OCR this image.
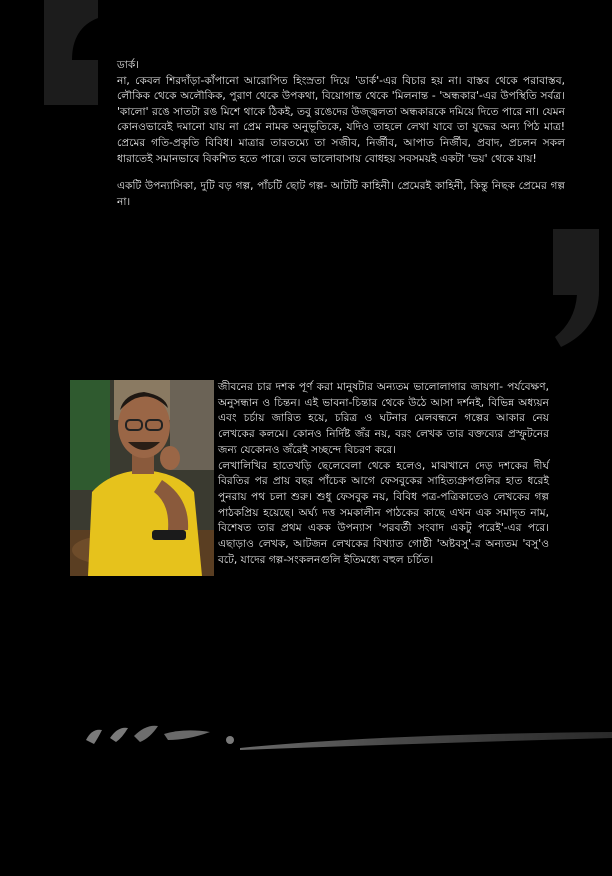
ডার্ক।

না, কেবল শিরদাঁড়া-কাঁপানো আরোপিত হিংস্রতা দিয়ে 'ডার্ক'-এর বিচার হয় না। বাস্তব থেকে পরাবাস্তব, লৌকিক থেকে অলৌকিক, পুরাণ থেকে উপকথা, বিয়োগান্ত থেকে 'মিলনান্ত - 'অন্ধকার'-এর উপস্থিতি সর্বত্র। 'কালো' রঙে সাতটা রঙ মিশে থাকে ঠিকই, তবু রঙেদের উজ্জ্বলতা অন্ধকারকে দমিয়ে দিতে পারে না। যেমন কোনওভাবেই দমানো যায় না প্রেম নামক অনুভূতিকে, যদিও তাহলে লেখা যাবে তা যুদ্ধের অন্য পিঠ মাত্র! প্রেমের গতি-প্রকৃতি বিবিধ। মাত্রার তারতম্যে তা সজীব, নির্জীব, আপাত নির্জীব, প্রবাদ, প্রচলন সকল ধারাতেই সমানভাবে বিকশিত হতে পারে। তবে ভালোবাসায় বোধহয় সবসময়ই একটা 'ভয়' থেকে যায়!

একটি উপন্যাসিকা, দুটি বড় গল্প, পাঁচটি ছোট গল্প- আটটি কাহিনী। প্রেমেরই কাহিনী, কিন্তু নিছক প্রেমের গল্প না।

জীবনের চার দশক পূর্ণ করা মানুষটার অন্যতম ভালোলাগার জায়গা- পর্যবেক্ষণ, অনুসন্ধান ও চিন্তন। এই ভাবনা-চিন্তার থেকে উঠে আসা দর্শনই, বিভিন্ন অধ্যয়ন এবং চর্চায় জারিত হয়ে, চরিত্র ও ঘটনার মেলবন্ধনে গল্পের আকার নেয় লেখকের কলমে। কোনও নির্দিষ্ট জঁর নয়, বরং লেখক তার বক্তব্যের প্রস্ফুটনের জন্য যেকোনও জঁরেই সচ্ছন্দে বিচরণ করে।

লেখালিখির হাতেখড়ি ছেলেবেলা থেকে হলেও, মাঝখানে দেড় দশকের দীর্ঘ বিরতির পর প্রায় বছর পাঁচেক আগে ফেসবুকের সাহিত্যগ্রুপগুলির হাত ধরেই পুনরায় পথ চলা শুরু। শুধু ফেসবুক নয়, বিবিধ পত্র-পত্রিকাতেও লেখকের গল্প পাঠকপ্রিয় হয়েছে। অর্ঘ্য দত্ত সমকালীন পাঠকের কাছে এখন এক সমাদৃত নাম, বিশেষত তার প্রথম একক উপন্যাস 'পরবর্তী সংবাদ একটু পরেই'-এর পরে। এছাড়াও লেখক, আটজন লেখকের বিখ্যাত গোষ্ঠী 'অষ্টবসু'-র অন্যতম 'বসু'ও বটে, যাদের গল্প-সংকলনগুলি ইতিমধ্যে বহুল চর্চিত।
